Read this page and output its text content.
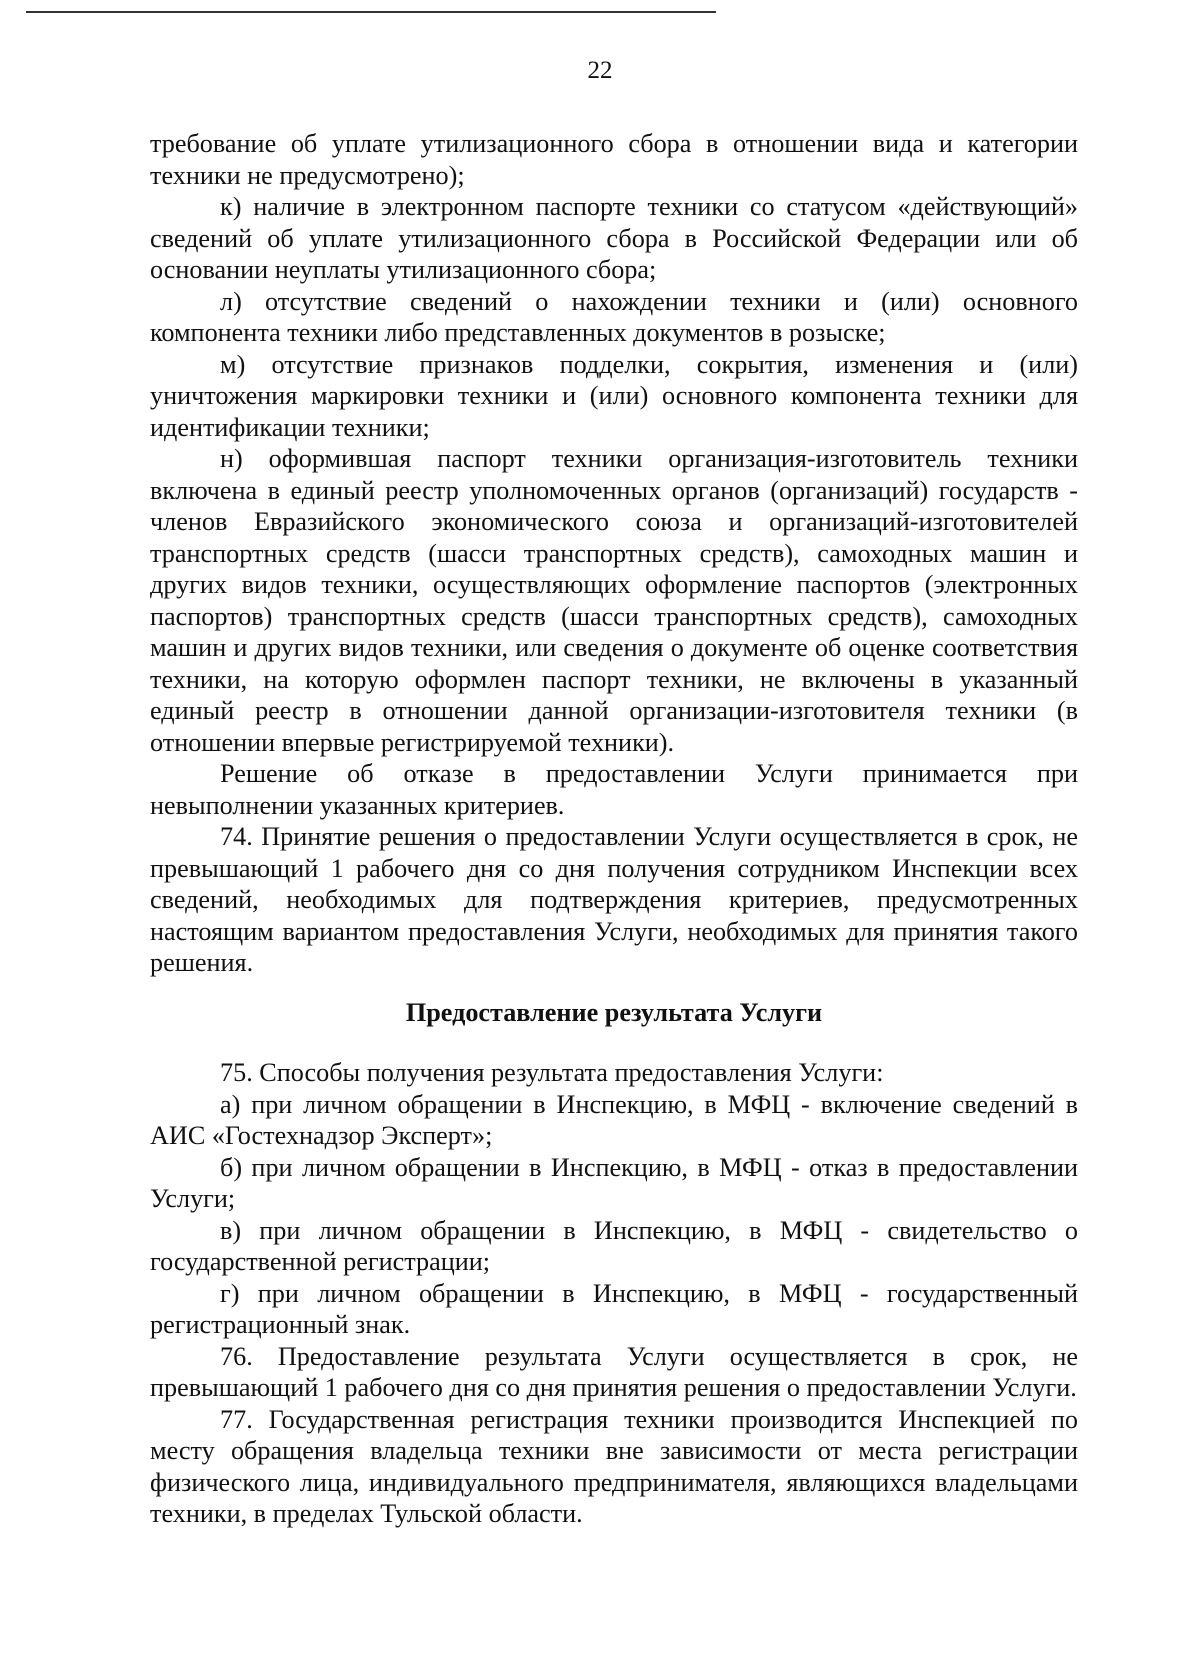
22

требование об уплате утилизационного сбора в отношении вида и категории техники не предусмотрено);

к) наличие в электронном паспорте техники со статусом «действующий» сведений об уплате утилизационного сбора в Российской Федерации или об основании неуплаты утилизационного сбора;

л) отсутствие сведений о нахождении техники и (или) основного компонента техники либо представленных документов в розыске;

м) отсутствие признаков подделки, сокрытия, изменения и (или) уничтожения маркировки техники и (или) основного компонента техники для идентификации техники;

н) оформившая паспорт техники организация-изготовитель техники включена в единый реестр уполномоченных органов (организаций) государств - членов Евразийского экономического союза и организаций-изготовителей транспортных средств (шасси транспортных средств), самоходных машин и других видов техники, осуществляющих оформление паспортов (электронных паспортов) транспортных средств (шасси транспортных средств), самоходных машин и других видов техники, или сведения о документе об оценке соответствия техники, на которую оформлен паспорт техники, не включены в указанный единый реестр в отношении данной организации-изготовителя техники (в отношении впервые регистрируемой техники).

Решение об отказе в предоставлении Услуги принимается при невыполнении указанных критериев.

74. Принятие решения о предоставлении Услуги осуществляется в срок, не превышающий 1 рабочего дня со дня получения сотрудником Инспекции всех сведений, необходимых для подтверждения критериев, предусмотренных настоящим вариантом предоставления Услуги, необходимых для принятия такого решения.

Предоставление результата Услуги

75. Способы получения результата предоставления Услуги:

а) при личном обращении в Инспекцию, в МФЦ - включение сведений в АИС «Гостехнадзор Эксперт»;

б) при личном обращении в Инспекцию, в МФЦ - отказ в предоставлении Услуги;

в) при личном обращении в Инспекцию, в МФЦ - свидетельство о государственной регистрации;

г) при личном обращении в Инспекцию, в МФЦ - государственный регистрационный знак.

76. Предоставление результата Услуги осуществляется в срок, не превышающий 1 рабочего дня со дня принятия решения о предоставлении Услуги.

77. Государственная регистрация техники производится Инспекцией по месту обращения владельца техники вне зависимости от места регистрации физического лица, индивидуального предпринимателя, являющихся владельцами техники, в пределах Тульской области.
